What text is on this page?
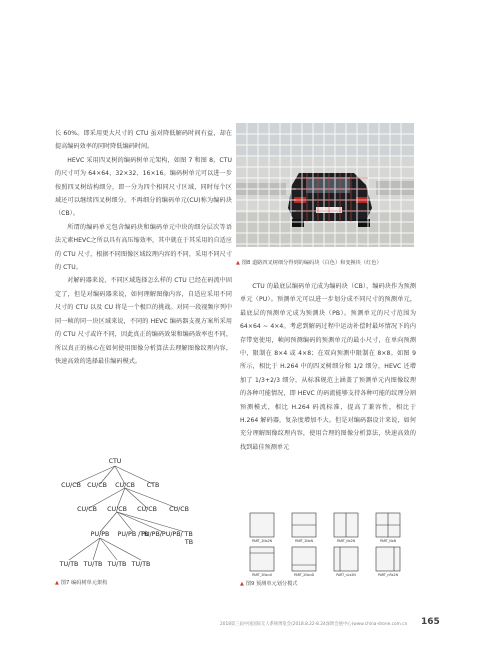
长 60%。即采用更大尺寸的 CTU 虽对降低解码时间有益，却在提高编码效率的同时降低编码时间。

HEVC 采用四叉树的编码树单元架构，如图 7 和图 8。CTU 的尺寸可为 64×64、32×32、16×16。编码树单元可以进一步按照四叉树结构细分，即一分为四个相同尺寸区域，同时每个区域还可以继续四叉树细分。不再细分的编码单元(CU)称为编码块（CB）。

所谓的编码单元包含编码块和编码单元中块的细分层次等语法元素HEVC之所以具有高压缩效率，其中就在于其采用的自适应的 CTU 尺寸，根据不同图像区域纹理内容的不同，采用不同尺寸的 CTU。

对解码器来说，不同区域选择怎么样的 CTU 已经在码流中固定了，但是对编码器来说，如何理解图像内容，自适应采用不同尺寸的 CTU 以及 CU 将是一个极巨的挑战。对同一段视频序列中同一帧的同一块区域来说，不同的 HEVC 编码器支视方案所采用的 CTU 尺寸或许不同，因此真正的编码效果和编码效率也不同，所以真正的核心在如何使用图像分析算法去理解图像纹理内容，快速高效的选择最佳编码模式。

▲ 图8 道路四叉树细分得到的编码块（白色）和变换块（红色）

CTU 的最底层编码单元成为编码块（CB），编码块作为预测单元（PU）。预测单元可以进一步划分成不同尺寸的预测单元，最底层的预测单元成为预测块（PB）。预测单元的尺寸范围为 64×64 ~ 4×4。考虑到解码过程中运动补偿时最坏情况下的内存带宽使用，帧间预测编码的预测单元的最小尺寸，在单向预测中，限制在 8×4 或 4×8；在双向预测中限制在 8×8。如图 9 所示，相比于 H.264 中的四叉树细分和 1/2 细分，HEVC 还增加了 1/3+2/3 细分，从标准规范上涵盖了预测单元内图像纹理的各种可能情况，即 HEVC 的码流能够支持各种可能的纹理分割预测模式，相比 H.264 码流标准，提高了兼容性，相比于 H.264 解码器，复杂度增加不大。但是对编码器设计来说，如何充分理解图像纹理内容，使用合理的图像分析算法，快速高效的找到最佳预测单元

CTU
CU/CB CU/CB CU/CB CTB
CU/CB CU/CB CU/CB CU/CB
PU/PB PU/PB /TB
PU/PB/PU/PB/ TB
TB
TU/TB TU/TB TU/TB TU/TB
▲ 图7 编码树单元架构
PART_2Nx2N	PART_2NxN	PART_Nx2N	PART_NxN
PART_2NxnU	PART_2NxnD	PART_nLx2N	PART_nRx2N
▲ 图9 预测单元划分模式
2018第三届中国国际无人系统博览会(2018.8.22-8.24深圳会展中心)www.china-drone.com.cn 165
